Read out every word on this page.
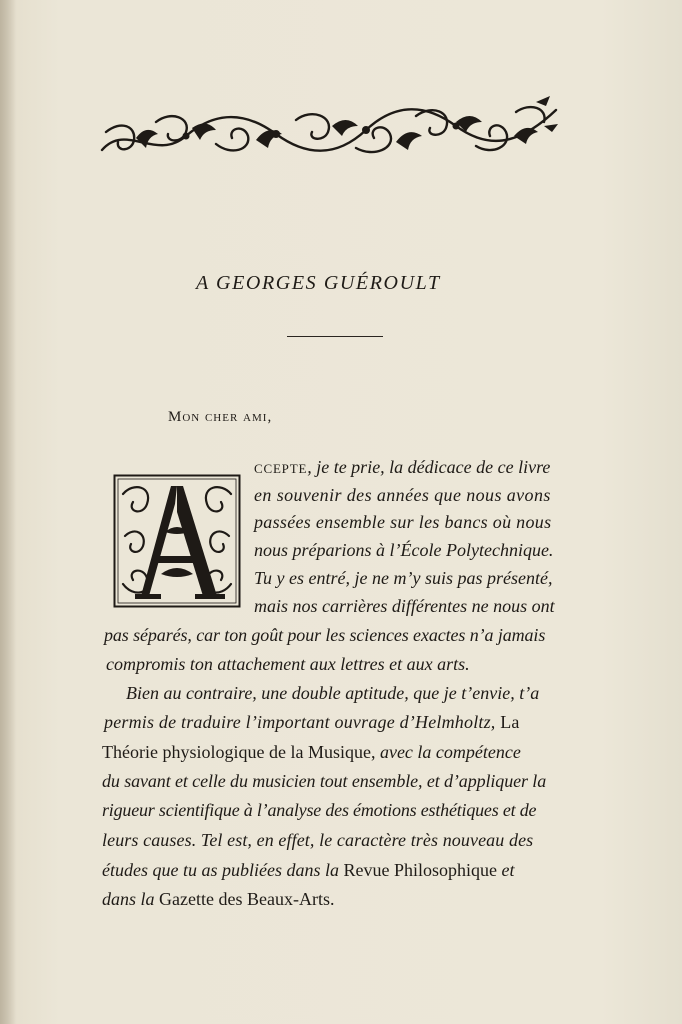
A GEORGES GUÉROULT
Mon cher ami,
ccepte, je te prie, la dédicace de ce livre
en souvenir des années que nous avons
passées ensemble sur les bancs où nous
nous préparions à l’École Polytechnique.
Tu y es entré, je ne m’y suis pas présenté,
mais nos carrières différentes ne nous ont
pas séparés, car ton goût pour les sciences exactes n’a jamais
compromis ton attachement aux lettres et aux arts.
Bien au contraire, une double aptitude, que je t’envie, t’a
permis de traduire l’important ouvrage d’Helmholtz, La
Théorie physiologique de la Musique, avec la compétence
du savant et celle du musicien tout ensemble, et d’appliquer la
rigueur scientifique à l’analyse des émotions esthétiques et de
leurs causes. Tel est, en effet, le caractère très nouveau des
études que tu as publiées dans la Revue Philosophique et
dans la Gazette des Beaux-Arts.
